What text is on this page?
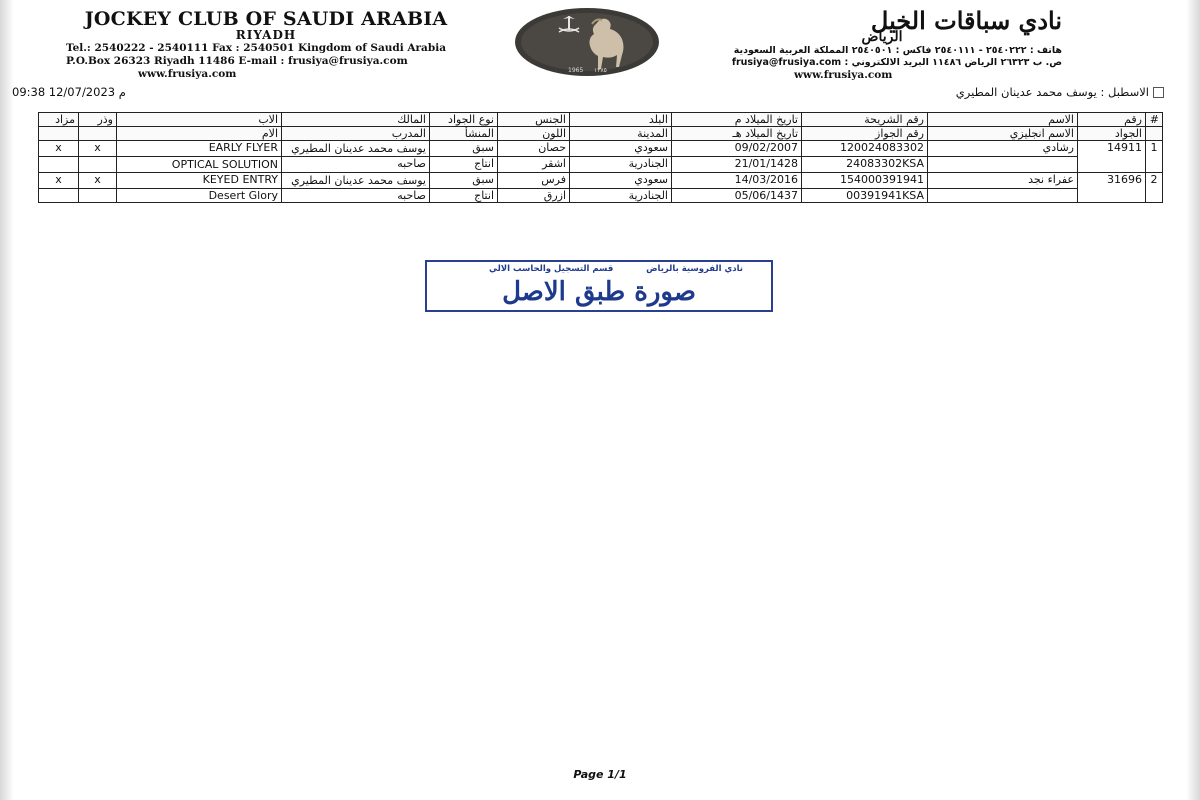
JOCKEY CLUB OF SAUDI ARABIA
RIYADH
Tel.: 2540222 - 2540111 Fax : 2540501 Kingdom of Saudi Arabia
P.O.Box 26323 Riyadh 11486 E-mail : frusiya@frusiya.com
www.frusiya.com	1965 ١٣٨٥
نادي سباقات الخيل
الرياض
هاتف : ٢٥٤٠٢٢٢ - ٢٥٤٠١١١ فاكس : ٢٥٤٠٥٠١ المملكة العربية السعودية
ص. ب ٢٦٣٢٣ الرياض ١١٤٨٦ البريد الالكتروني : frusiya@frusiya.com
www.frusiya.com
09:38 12/07/2023 م	الاسطبل : يوسف محمد عدينان المطيري
مزاد	وذر	الاب	المالك	نوع الجواد	الجنس	البلد	تاريخ الميلاد م	رقم الشريحة	الاسم	رقم	#
		الام	المدرب	المنشأ	اللون	المدينة	تاريخ الميلاد هـ	رقم الجواز	الاسم انجليزي	الجواد	
x	x	EARLY FLYER	يوسف محمد عدينان المطيري	سبق	حصان	سعودي	09/02/2007	120024083302	رشادي	14911	1
		OPTICAL SOLUTION	صاحبه	انتاج	اشقر	الجنادرية	21/01/1428	24083302KSA			
x	x	KEYED ENTRY	يوسف محمد عدينان المطيري	سبق	فرس	سعودي	14/03/2016	154000391941	عفراء نجد	31696	2
		Desert Glory	صاحبه	انتاج	ازرق	الجنادرية	05/06/1437	00391941KSA			
نادي الفروسية بالرياض
قسم التسجيل والحاسب الالي
صورة طبق الاصل
Page 1/1
